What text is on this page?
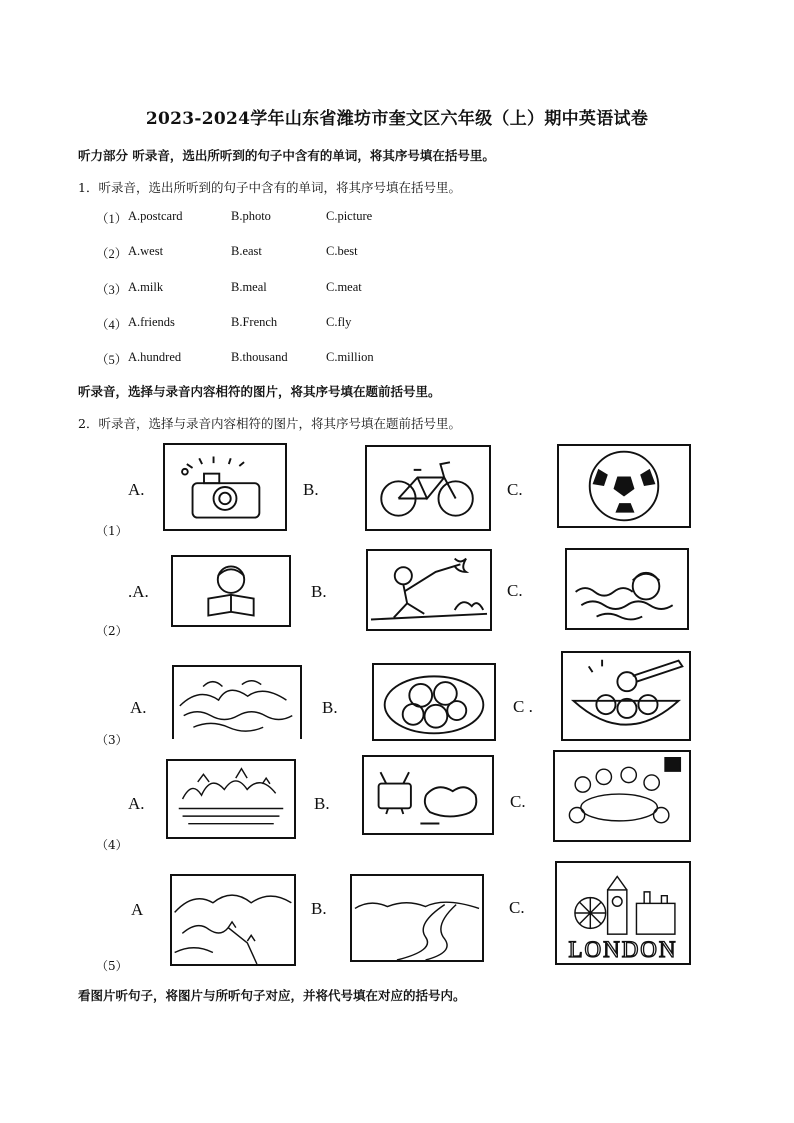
2023-2024学年山东省潍坊市奎文区六年级（上）期中英语试卷
听力部分 听录音，选出所听到的句子中含有的单词，将其序号填在括号里。
1．听录音，选出所听到的句子中含有的单词，将其序号填在括号里。
（1） A.postcard	B.photo	C.picture
（2） A.west	B.east	C.best
（3） A.milk	B.meal	C.meat
（4） A.friends	B.French	C.fly
（5） A.hundred	B.thousand	C.million
听录音，选择与录音内容相符的图片，将其序号填在题前括号里。
2．听录音，选择与录音内容相符的图片，将其序号填在题前括号里。
A.	B.	C.
（1）
.A.	B.	C.
（2）
A.	B.	C .
（3）
A.	B.	C.
（4）
A	B.	C.
（5）
LONDON
看图片听句子，将图片与所听句子对应，并将代号填在对应的括号内。
